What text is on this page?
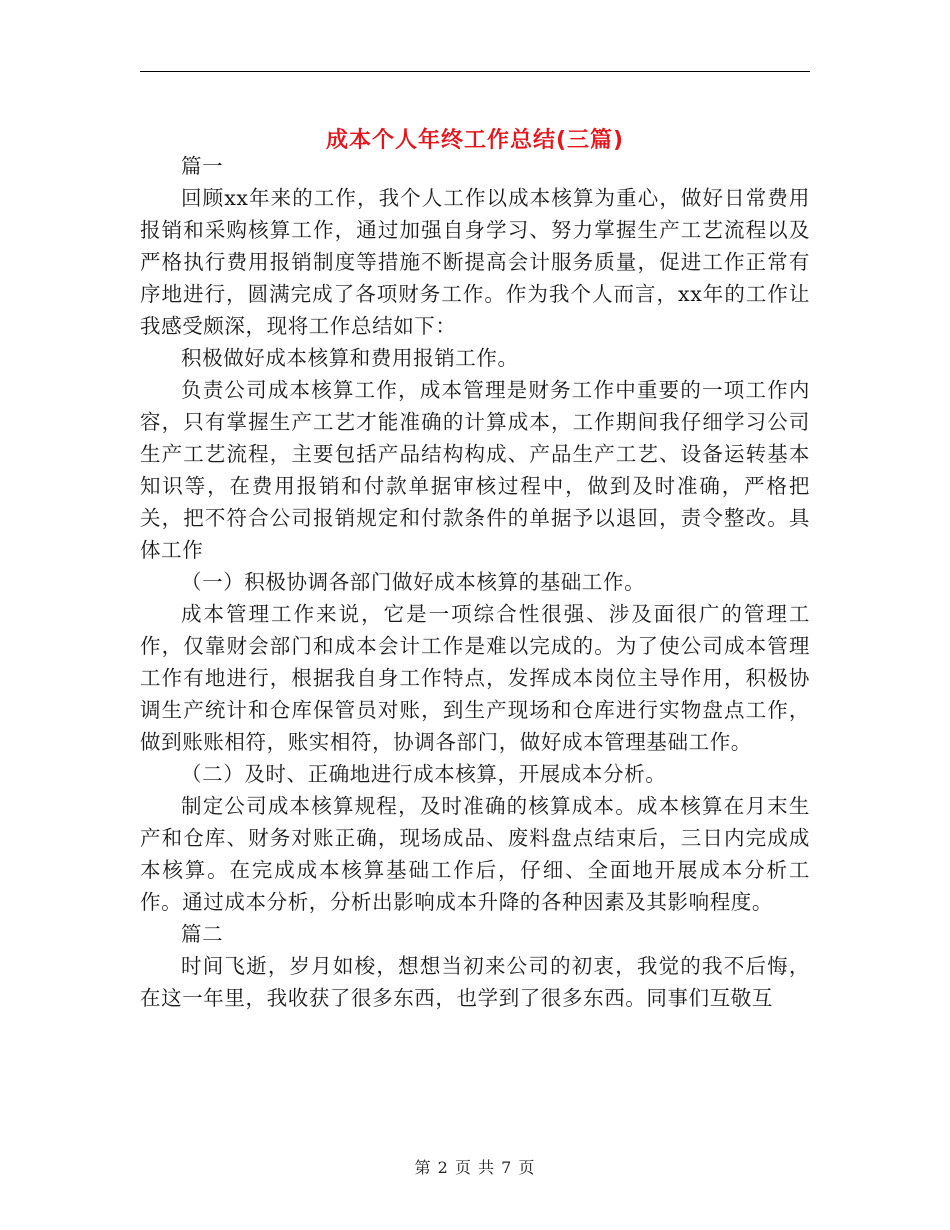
成本个人年终工作总结(三篇)

篇一

回顾xx年来的工作，我个人工作以成本核算为重心，做好日常费用报销和采购核算工作，通过加强自身学习、努力掌握生产工艺流程以及严格执行费用报销制度等措施不断提高会计服务质量，促进工作正常有序地进行，圆满完成了各项财务工作。作为我个人而言，xx年的工作让我感受颇深，现将工作总结如下：

积极做好成本核算和费用报销工作。

负责公司成本核算工作，成本管理是财务工作中重要的一项工作内容，只有掌握生产工艺才能准确的计算成本，工作期间我仔细学习公司生产工艺流程，主要包括产品结构构成、产品生产工艺、设备运转基本知识等，在费用报销和付款单据审核过程中，做到及时准确，严格把关，把不符合公司报销规定和付款条件的单据予以退回，责令整改。具体工作

（一）积极协调各部门做好成本核算的基础工作。

成本管理工作来说，它是一项综合性很强、涉及面很广的管理工作，仅靠财会部门和成本会计工作是难以完成的。为了使公司成本管理工作有地进行，根据我自身工作特点，发挥成本岗位主导作用，积极协调生产统计和仓库保管员对账，到生产现场和仓库进行实物盘点工作，做到账账相符，账实相符，协调各部门，做好成本管理基础工作。

（二）及时、正确地进行成本核算，开展成本分析。

制定公司成本核算规程，及时准确的核算成本。成本核算在月末生产和仓库、财务对账正确，现场成品、废料盘点结束后，三日内完成成本核算。在完成成本核算基础工作后，仔细、全面地开展成本分析工作。通过成本分析，分析出影响成本升降的各种因素及其影响程度。

篇二

时间飞逝，岁月如梭，想想当初来公司的初衷，我觉的我不后悔，在这一年里，我收获了很多东西，也学到了很多东西。同事们互敬互

第 2 页 共 7 页
